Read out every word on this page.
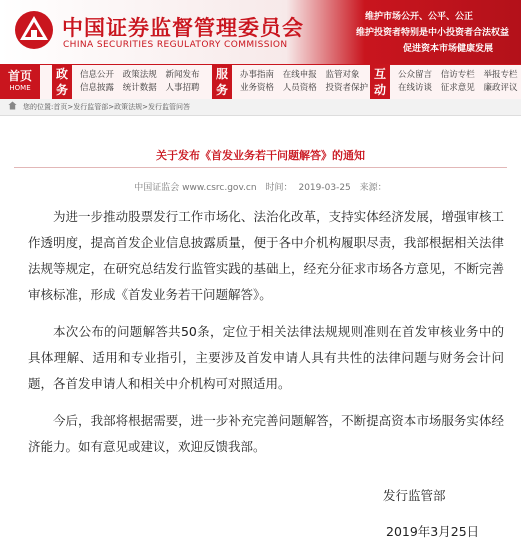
中国证券监督管理委员会
CHINA SECURITIES REGULATORY COMMISSION
维护市场公开、公平、公正
维护投资者特别是中小投资者合法权益
促进资本市场健康发展
首页
HOME
政
务
信息公开 政策法规 新闻发布
信息披露 统计数据 人事招聘
服
务
办事指南 在线申报 监管对象
业务资格 人员资格 投资者保护
互
动
公众留言 信访专栏 举报专栏
在线访谈 征求意见 廉政评议
您的位置:首页>发行监管部>政策法规>发行监管问答
关于发布《首发业务若干问题解答》的通知
中国证监会 www.csrc.gov.cn 时间： 2019-03-25 来源：

为进一步推动股票发行工作市场化、法治化改革，支持实体经济发展，增强审核工作透明度，提高首发企业信息披露质量，便于各中介机构履职尽责，我部根据相关法律法规等规定，在研究总结发行监管实践的基础上，经充分征求市场各方意见，不断完善审核标准，形成《首发业务若干问题解答》。

本次公布的问题解答共50条，定位于相关法律法规规则准则在首发审核业务中的具体理解、适用和专业指引，主要涉及首发申请人具有共性的法律问题与财务会计问题，各首发申请人和相关中介机构可对照适用。

今后，我部将根据需要，进一步补充完善问题解答，不断提高资本市场服务实体经济能力。如有意见或建议，欢迎反馈我部。

发行监管部
2019年3月25日
